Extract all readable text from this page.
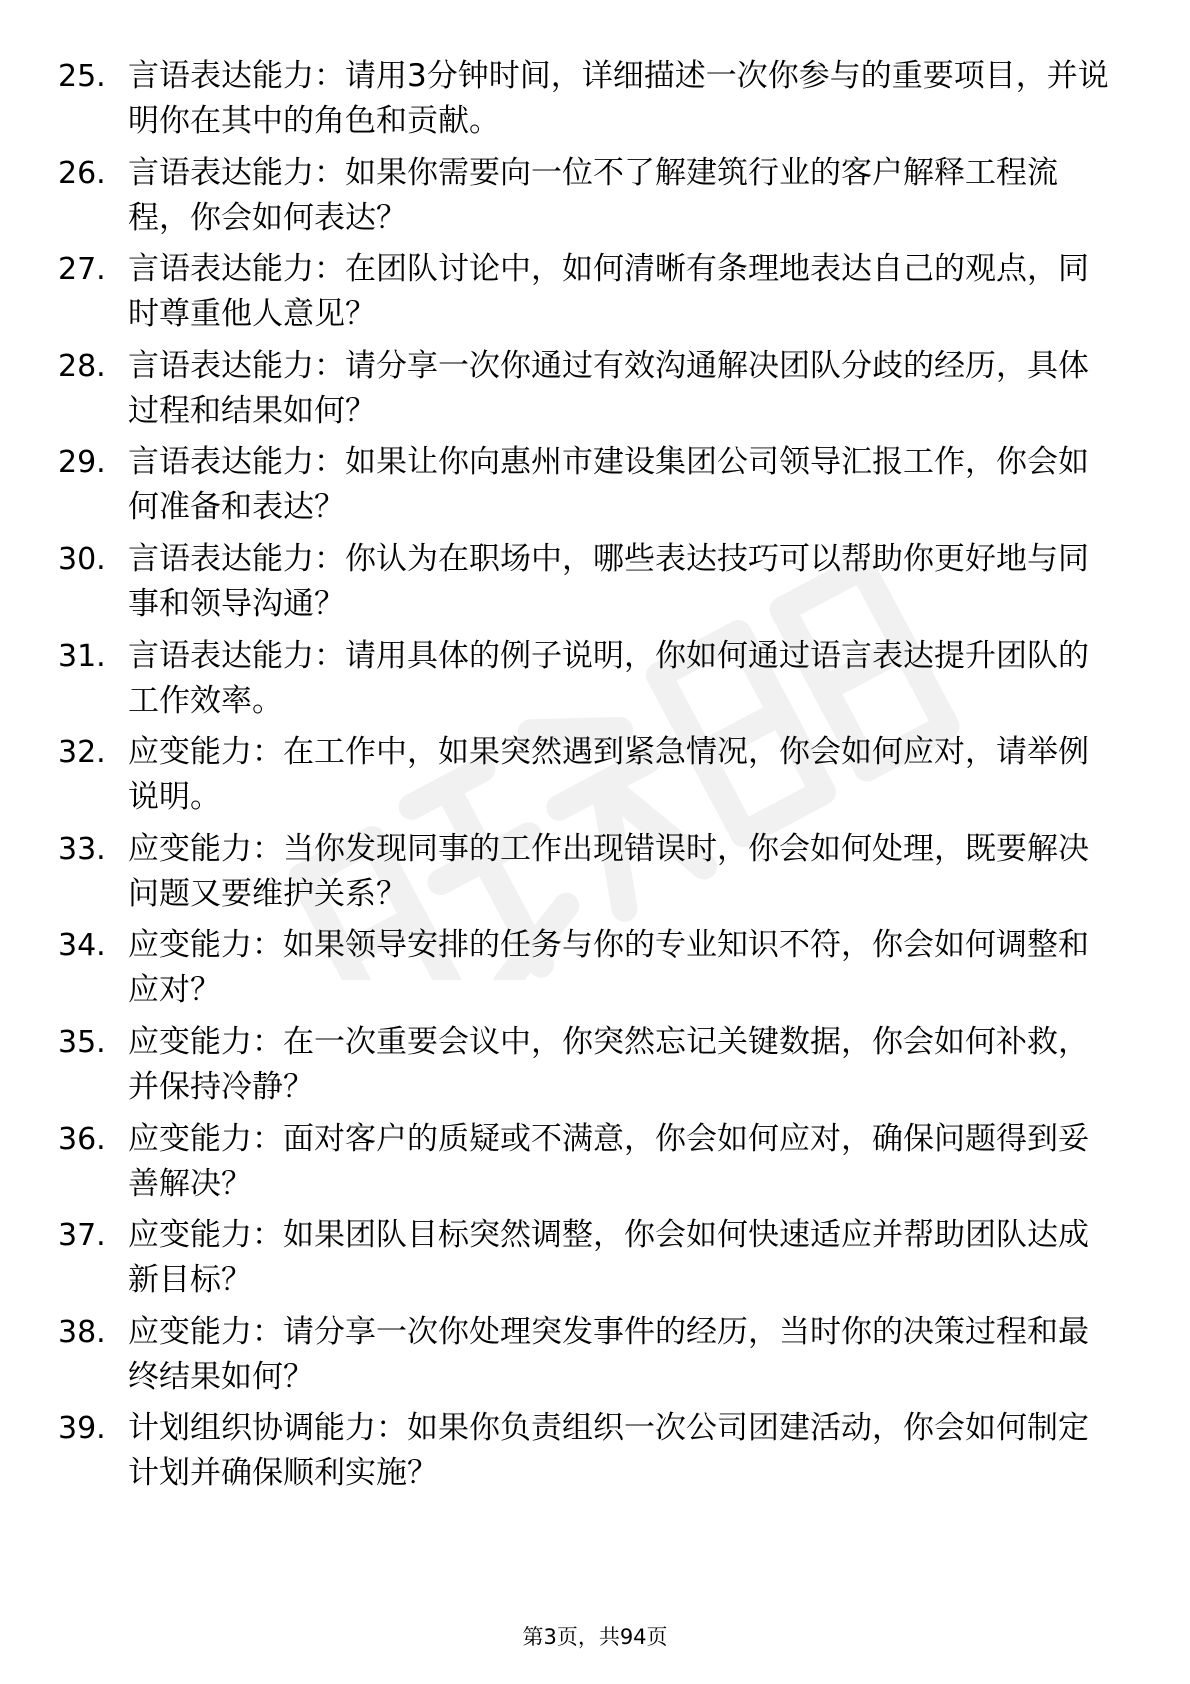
25. 言语表达能力：请用3分钟时间，详细描述一次你参与的重要项目，并说明你在其中的角色和贡献。
26. 言语表达能力：如果你需要向一位不了解建筑行业的客户解释工程流程，你会如何表达？
27. 言语表达能力：在团队讨论中，如何清晰有条理地表达自己的观点，同时尊重他人意见？
28. 言语表达能力：请分享一次你通过有效沟通解决团队分歧的经历，具体过程和结果如何？
29. 言语表达能力：如果让你向惠州市建设集团公司领导汇报工作，你会如何准备和表达？
30. 言语表达能力：你认为在职场中，哪些表达技巧可以帮助你更好地与同事和领导沟通？
31. 言语表达能力：请用具体的例子说明，你如何通过语言表达提升团队的工作效率。
32. 应变能力：在工作中，如果突然遇到紧急情况，你会如何应对，请举例说明。
33. 应变能力：当你发现同事的工作出现错误时，你会如何处理，既要解决问题又要维护关系？
34. 应变能力：如果领导安排的任务与你的专业知识不符，你会如何调整和应对？
35. 应变能力：在一次重要会议中，你突然忘记关键数据，你会如何补救，并保持冷静？
36. 应变能力：面对客户的质疑或不满意，你会如何应对，确保问题得到妥善解决？
37. 应变能力：如果团队目标突然调整，你会如何快速适应并帮助团队达成新目标？
38. 应变能力：请分享一次你处理突发事件的经历，当时你的决策过程和最终结果如何？
39. 计划组织协调能力：如果你负责组织一次公司团建活动，你会如何制定计划并确保顺利实施？
第3页，共94页
